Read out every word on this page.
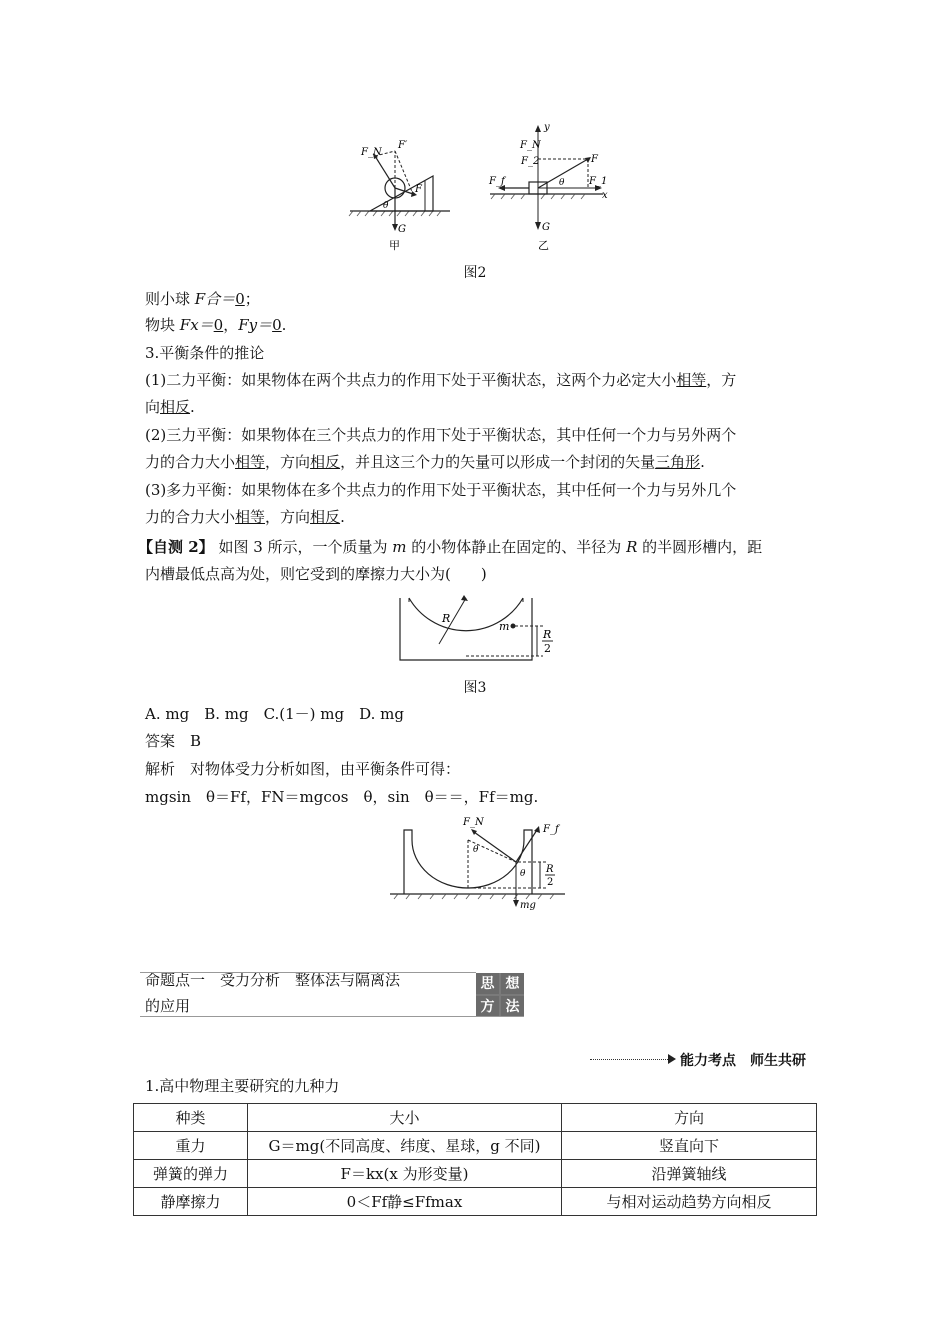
F_N
F′
F
θ
G
甲
y
F_N
F_2	F
F_f	θ F_1
x
G
乙
图2
则小球 F合＝0；
物块 Fx＝0，Fy＝0.
3.平衡条件的推论
(1)二力平衡：如果物体在两个共点力的作用下处于平衡状态，这两个力必定大小相等，方
向相反.
(2)三力平衡：如果物体在三个共点力的作用下处于平衡状态，其中任何一个力与另外两个
力的合力大小相等，方向相反，并且这三个力的矢量可以形成一个封闭的矢量三角形.
(3)多力平衡：如果物体在多个共点力的作用下处于平衡状态，其中任何一个力与另外几个
力的合力大小相等，方向相反.
【自测 2】 如图 3 所示，一个质量为 m 的小物体静止在固定的、半径为 R 的半圆形槽内，距
内槽最低点高为处，则它受到的摩擦力大小为(　　)
R
m
R
2
图3
A. mg　B. mg　C.(1－) mg　D. mg
答案　 B
解析　 对物体受力分析如图，由平衡条件可得：
mgsin　θ＝Ff，FN＝mgcos　θ，sin　θ＝＝，Ff＝mg.
F_N
F_f
θ
θ
mg
R
2
命题点一　受力分析　整体法与隔离法
的应用
思 想
方 法
能力考点　师生共研
1.高中物理主要研究的九种力
种类	大小	方向
重力	G＝mg(不同高度、纬度、星球，g 不同)	竖直向下
弹簧的弹力	F＝kx(x 为形变量)	沿弹簧轴线
静摩擦力	0＜Ff静≤Ffmax	与相对运动趋势方向相反
